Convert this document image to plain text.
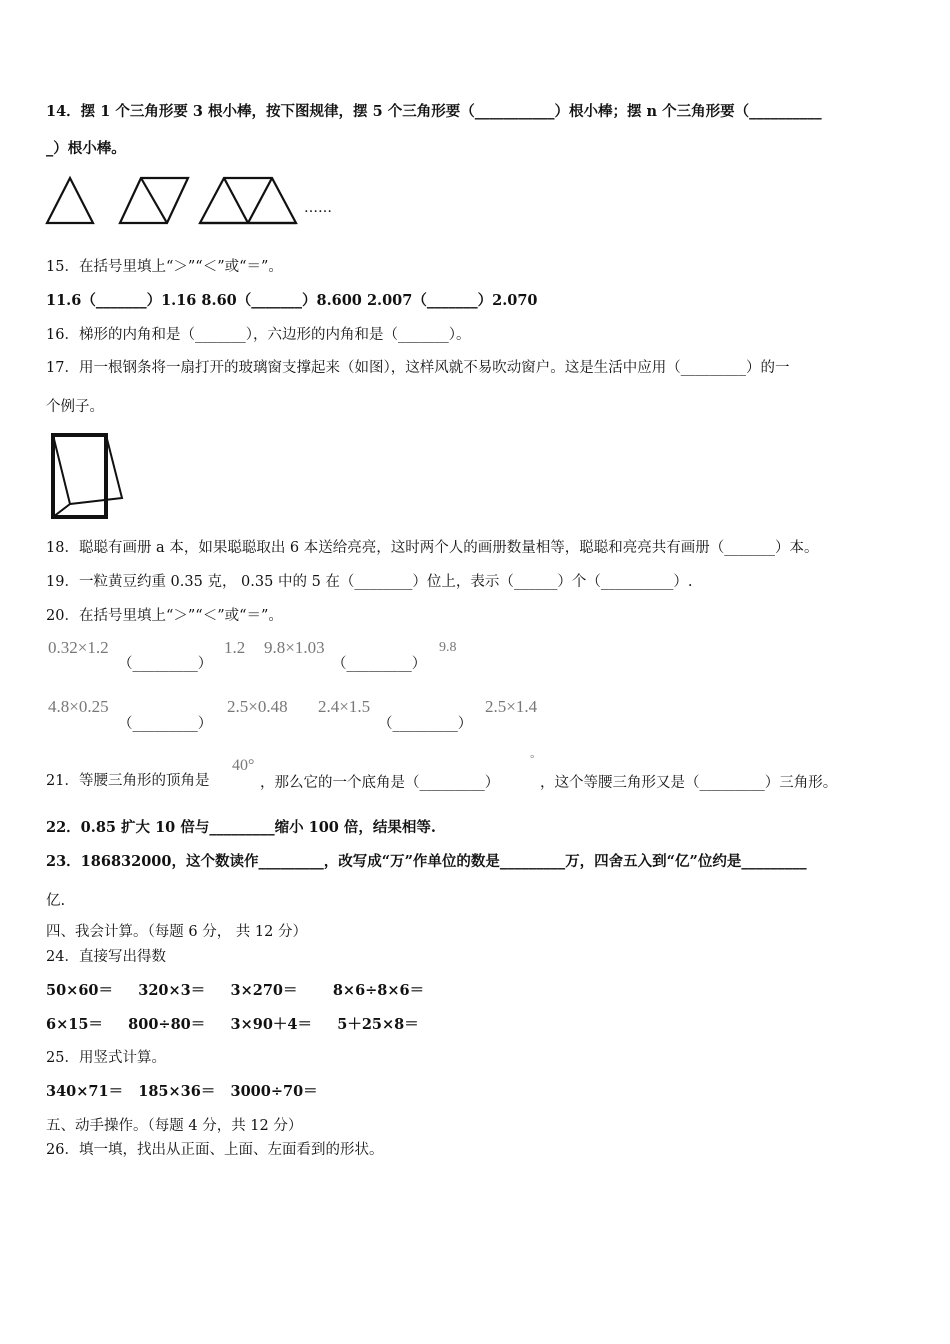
14．摆 1 个三角形要 3 根小棒，按下图规律，摆 5 个三角形要（___________）根小棒；摆 n 个三角形要（__________
_）根小棒。
……
15．在括号里填上“＞”“＜”或“＝”。
11.6（_______）1.16 8.60（_______）8.600 2.007（_______）2.070
16．梯形的内角和是（_______），六边形的内角和是（_______）。
17．用一根钢条将一扇打开的玻璃窗支撑起来（如图），这样风就不易吹动窗户。这是生活中应用（_________）的一
个例子。
18．聪聪有画册 a 本，如果聪聪取出 6 本送给亮亮，这时两个人的画册数量相等，聪聪和亮亮共有画册（_______）本。
19．一粒黄豆约重 0.35 克， 0.35 中的 5 在（________）位上，表示（______）个（__________）.
20．在括号里填上“＞”“＜”或“＝”。
0.32×1.2
（_________）
1.2 9.8×1.03
（_________）
9.8
4.8×0.25
（_________）
2.5×0.48 2.4×1.5
（_________）
2.5×1.4
21．等腰三角形的顶角是
40°
，那么它的一个底角是（_________）
°
，这个等腰三角形又是（_________）三角形。
22．0.85 扩大 10 倍与_________缩小 100 倍，结果相等.
23．186832000，这个数读作_________，改写成“万”作单位的数是_________万，四舍五入到“亿”位约是_________
亿.
四、我会计算。（每题 6 分， 共 12 分）
24．直接写出得数
50×60＝     320×3＝     3×270＝       8×6÷8×6＝
6×15＝     800÷80＝     3×90＋4＝     5＋25×8＝
25．用竖式计算。
340×71＝   185×36＝   3000÷70＝
五、动手操作。（每题 4 分，共 12 分）
26．填一填，找出从正面、上面、左面看到的形状。
